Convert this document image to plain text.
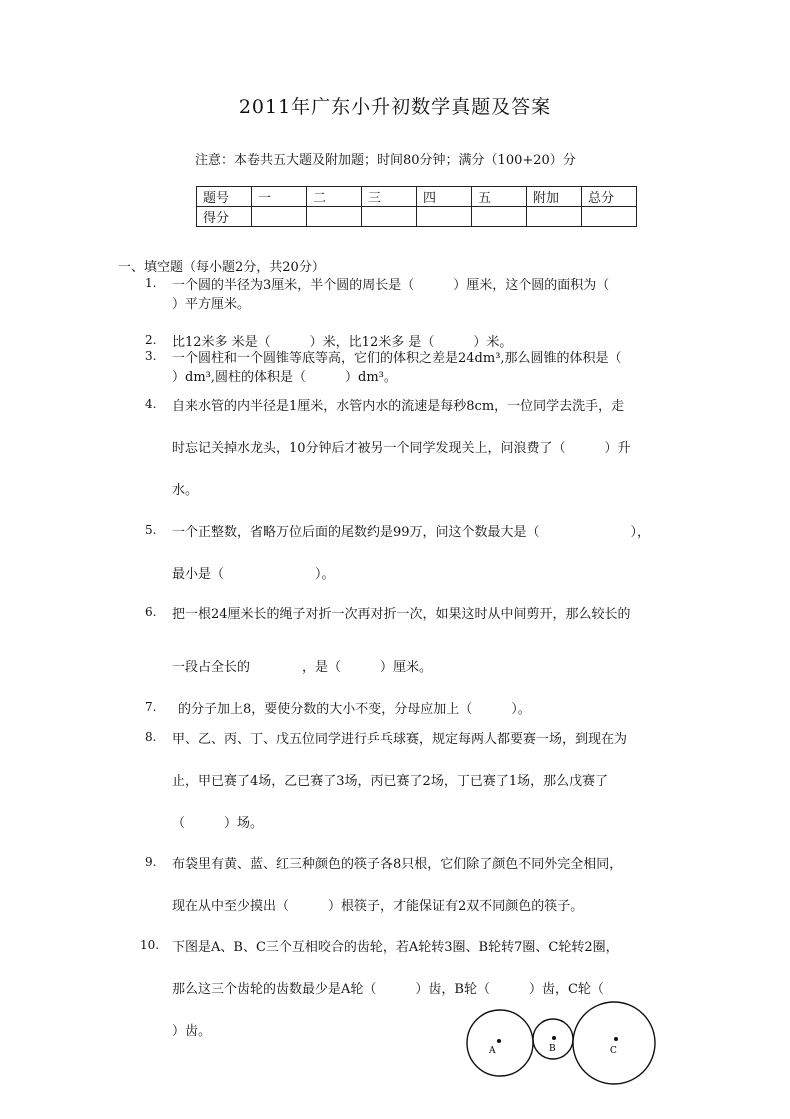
2011年广东小升初数学真题及答案
注意：本卷共五大题及附加题；时间80分钟；满分（100+20）分
题号	一	二	三	四	五	附加	总分
得分							
一、填空题（每小题2分，共20分）
1. 一个圆的半径为3厘米，半个圆的周长是（　　　）厘米，这个圆的面积为（
）平方厘米。
2. 比12米多 米是（　　　）米，比12米多 是（　　　）米。
3. 一个圆柱和一个圆锥等底等高，它们的体积之差是24dm³,那么圆锥的体积是（
）dm³,圆柱的体积是（　　　）dm³。
4. 自来水管的内半径是1厘米，水管内水的流速是每秒8cm，一位同学去洗手，走
时忘记关掉水龙头，10分钟后才被另一个同学发现关上，问浪费了（　　　）升
水。
5. 一个正整数，省略万位后面的尾数约是99万，问这个数最大是（　　　　　　　），
最小是（　　　　　　　）。
6. 把一根24厘米长的绳子对折一次再对折一次，如果这时从中间剪开，那么较长的
一段占全长的　　　　，是（　　　）厘米。
7. 的分子加上8，要使分数的大小不变，分母应加上（　　　）。
8. 甲、乙、丙、丁、戊五位同学进行乒乓球赛，规定每两人都要赛一场，到现在为
止，甲已赛了4场，乙已赛了3场，丙已赛了2场，丁已赛了1场，那么戊赛了
（　　　）场。
9. 布袋里有黄、蓝、红三种颜色的筷子各8只根，它们除了颜色不同外完全相同，
现在从中至少摸出（　　　）根筷子，才能保证有2双不同颜色的筷子。
10. 下图是A、B、C三个互相咬合的齿轮，若A轮转3圈、B轮转7圈、C轮转2圈，
那么这三个齿轮的齿数最少是A轮（　　　）齿，B轮（　　　）齿，C轮（
）齿。
A	B	C
